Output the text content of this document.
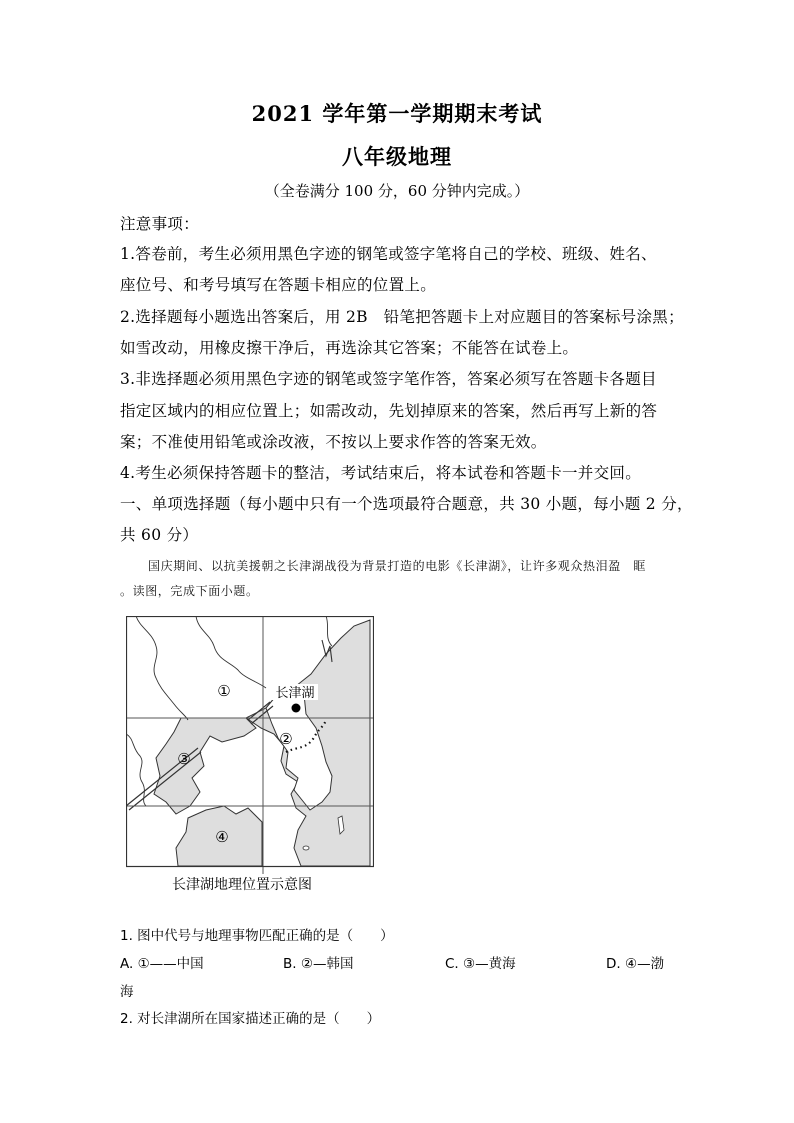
2021 学年第一学期期末考试
八年级地理
（全卷满分 100 分，60 分钟内完成。）
注意事项：
1.答卷前，考生必须用黑色字迹的钢笔或签字笔将自己的学校、班级、姓名、
座位号、和考号填写在答题卡相应的位置上。
2.选择题每小题选出答案后，用 2B　铅笔把答题卡上对应题目的答案标号涂黑；
如雪改动，用橡皮擦干净后，再选涂其它答案；不能答在试卷上。
3.非选择题必须用黑色字迹的钢笔或签字笔作答，答案必须写在答题卡各题目
指定区域内的相应位置上；如需改动，先划掉原来的答案，然后再写上新的答
案；不准使用铅笔或涂改液，不按以上要求作答的答案无效。
4.考生必须保持答题卡的整洁，考试结束后，将本试卷和答题卡一并交回。
一、单项选择题（每小题中只有一个选项最符合题意，共 30 小题，每小题 2 分，
共 60 分）
国庆期间、以抗美援朝之长津湖战役为背景打造的电影《长津湖》，让许多观众热泪盈　眶
。读图，完成下面小题。
长津湖
①
②
③
④
长津湖地理位置示意图
1. 图中代号与地理事物匹配正确的是（　　）
A. ①——中国	B. ②—韩国	C. ③—黄海	D. ④—渤
海
2. 对长津湖所在国家描述正确的是（　　）
